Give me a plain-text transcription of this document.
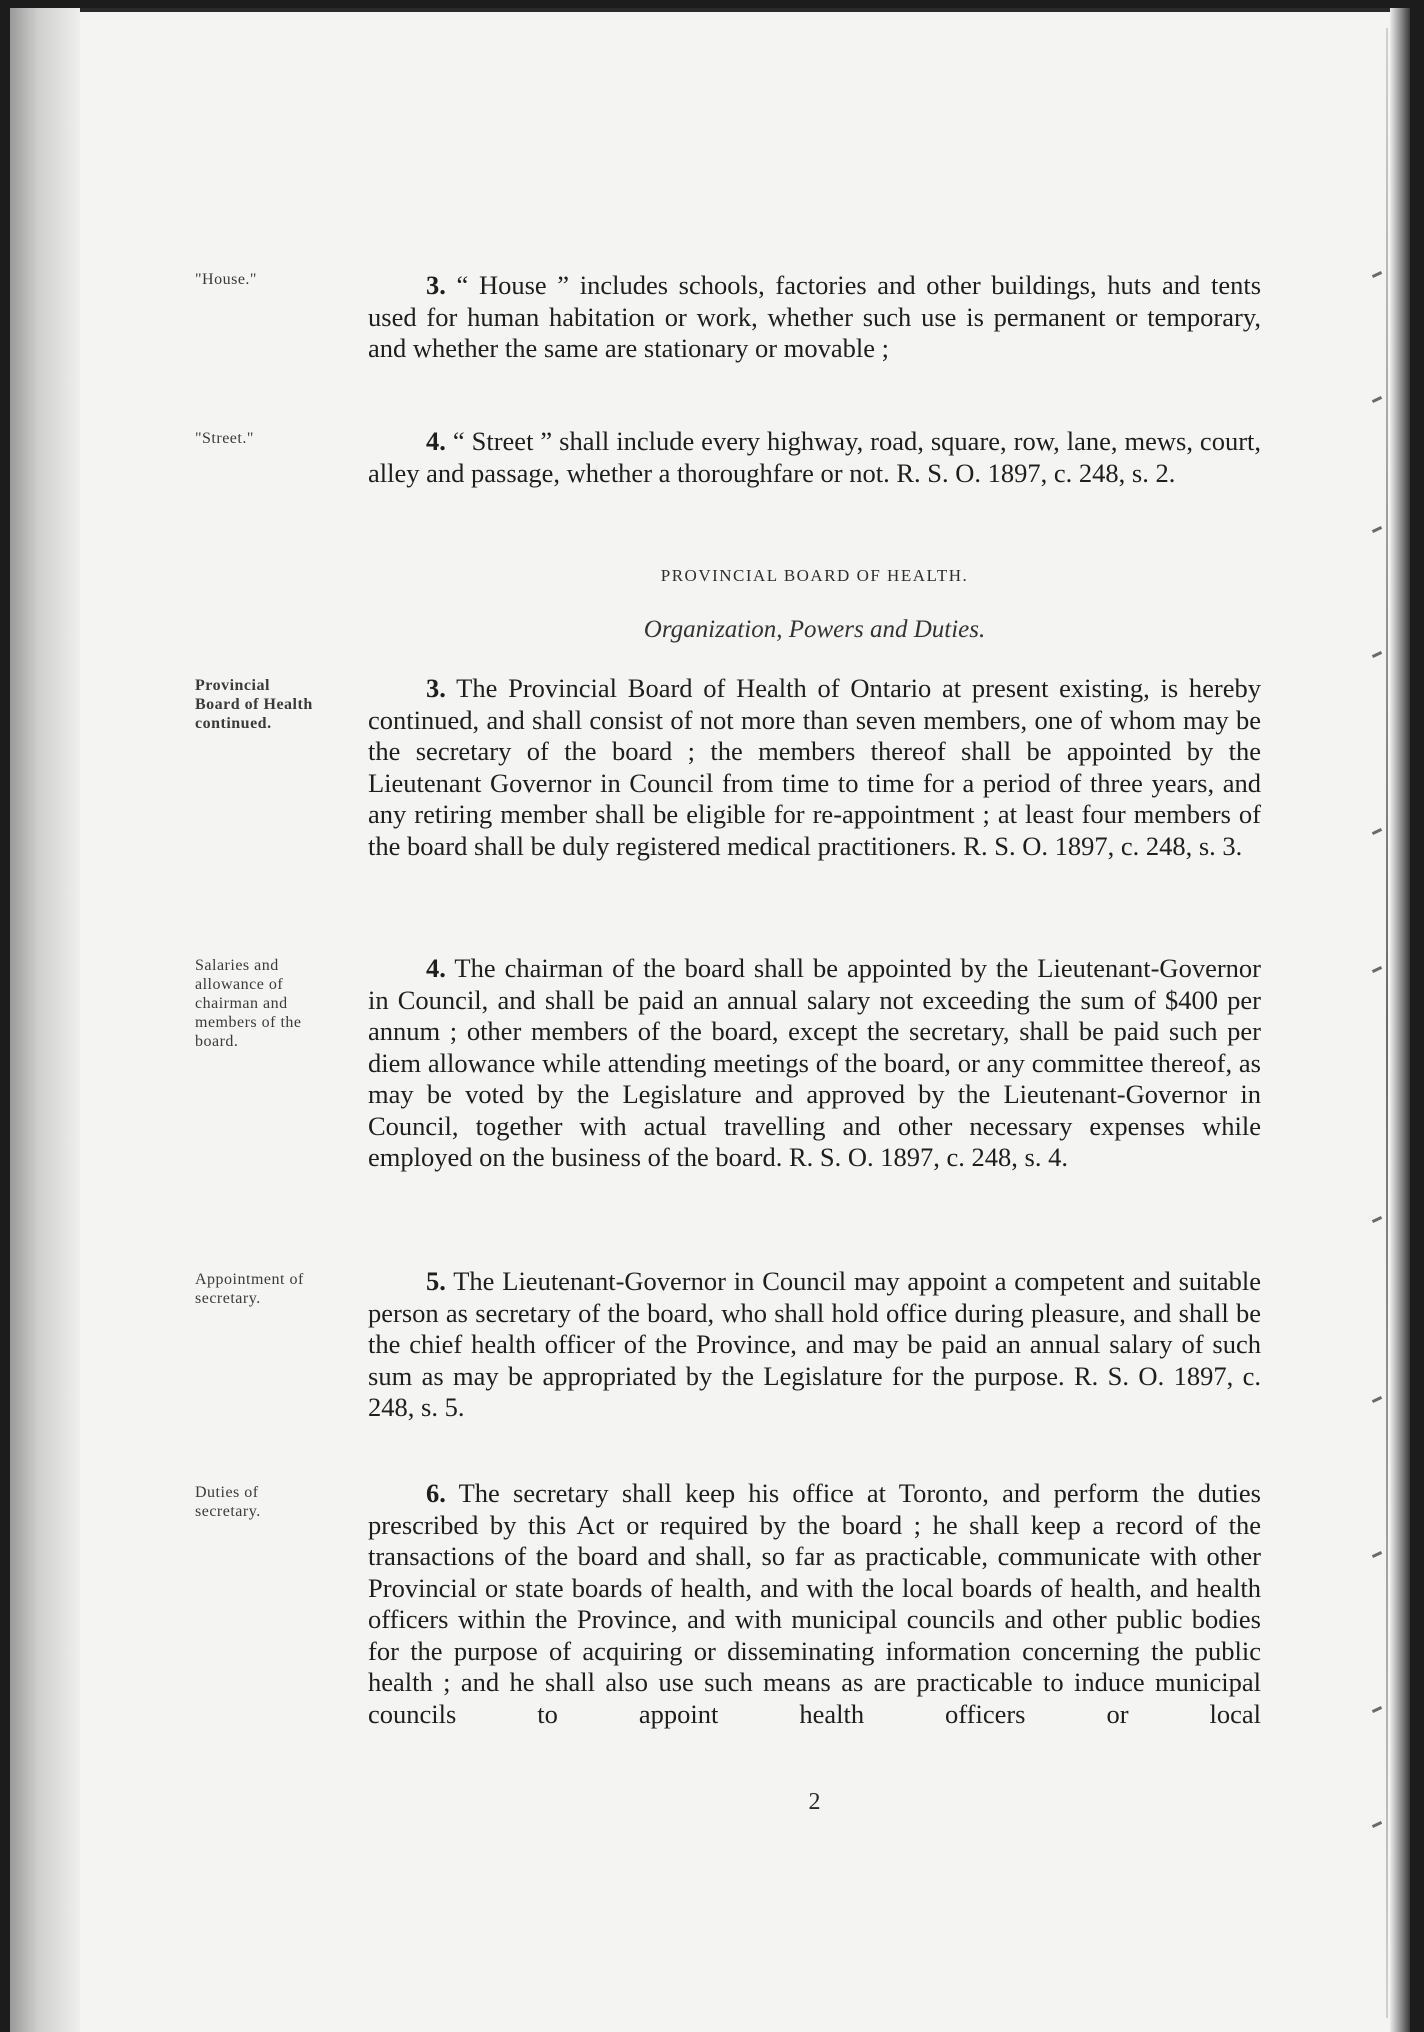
"House."
"Street."
Provincial Board of Health continued.
Salaries and allowance of chairman and members of the board.
Appointment of secretary.
Duties of secretary.

3. “ House ” includes schools, factories and other buildings, huts and tents used for human habitation or work, whether such use is permanent or temporary, and whether the same are stationary or movable ;

4. “ Street ” shall include every highway, road, square, row, lane, mews, court, alley and passage, whether a thoroughfare or not. R. S. O. 1897, c. 248, s. 2.

PROVINCIAL BOARD OF HEALTH.
Organization, Powers and Duties.

3. The Provincial Board of Health of Ontario at present existing, is hereby continued, and shall consist of not more than seven members, one of whom may be the secretary of the board ; the members thereof shall be appointed by the Lieutenant Governor in Council from time to time for a period of three years, and any retiring member shall be eligible for re-appointment ; at least four members of the board shall be duly registered medical practitioners. R. S. O. 1897, c. 248, s. 3.

4. The chairman of the board shall be appointed by the Lieutenant-Governor in Council, and shall be paid an annual salary not exceeding the sum of $400 per annum ; other members of the board, except the secretary, shall be paid such per diem allowance while attending meetings of the board, or any committee thereof, as may be voted by the Legislature and approved by the Lieutenant-Governor in Council, together with actual travelling and other necessary expenses while employed on the business of the board. R. S. O. 1897, c. 248, s. 4.

5. The Lieutenant-Governor in Council may appoint a competent and suitable person as secretary of the board, who shall hold office during pleasure, and shall be the chief health officer of the Province, and may be paid an annual salary of such sum as may be appropriated by the Legislature for the purpose. R. S. O. 1897, c. 248, s. 5.

6. The secretary shall keep his office at Toronto, and perform the duties prescribed by this Act or required by the board ; he shall keep a record of the transactions of the board and shall, so far as practicable, communicate with other Provincial or state boards of health, and with the local boards of health, and health officers within the Province, and with municipal councils and other public bodies for the purpose of acquiring or disseminating information concerning the public health ; and he shall also use such means as are practicable to induce municipal councils to appoint health officers or local

2
